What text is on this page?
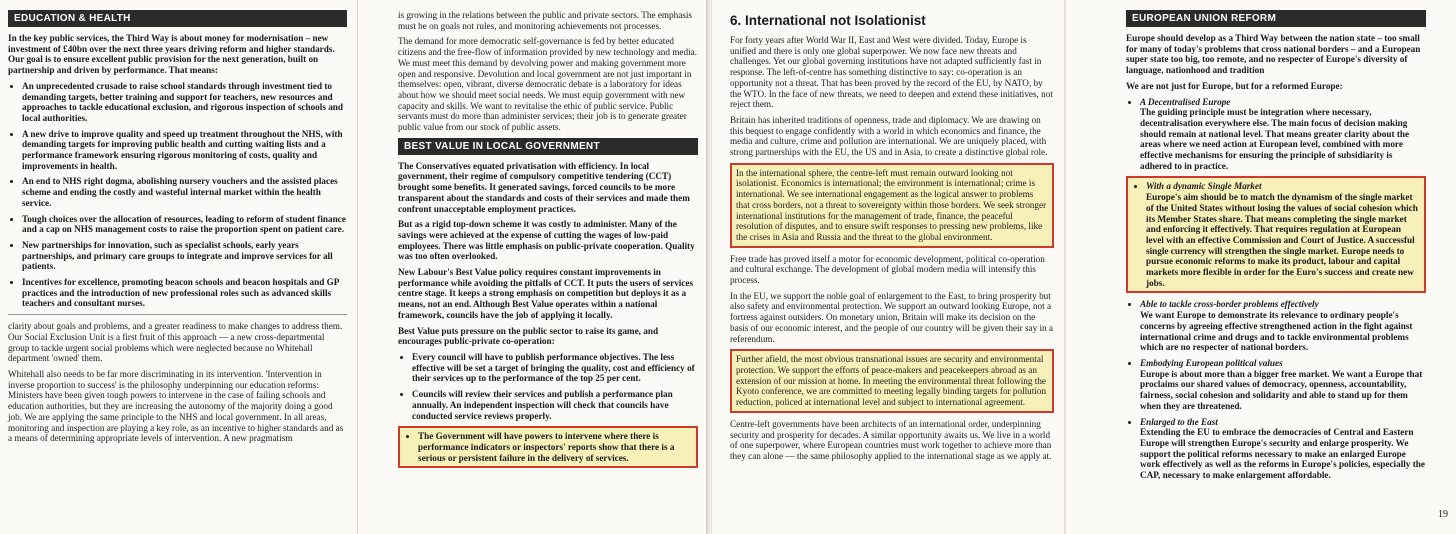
EDUCATION & HEALTH

In the key public services, the Third Way is about money for modernisation – new investment of £40bn over the next three years driving reform and higher standards. Our goal is to ensure excellent public provision for the next generation, built on partnership and driven by performance. That means:

• An unprecedented crusade to raise school standards through investment tied to demanding targets, better training and support for teachers, new resources and approaches to tackle educational exclusion, and rigorous inspection of schools and local authorities.
• A new drive to improve quality and speed up treatment throughout the NHS, with demanding targets for improving public health and cutting waiting lists and a performance framework ensuring rigorous monitoring of costs, quality and improvements in health.
• An end to NHS right dogma, abolishing nursery vouchers and the assisted places scheme and ending the costly and wasteful internal market within the health service.
• Tough choices over the allocation of resources, leading to reform of student finance and a cap on NHS management costs to raise the proportion spent on patient care.
• New partnerships for innovation, such as specialist schools, early years partnerships, and primary care groups to integrate and improve services for all patients.
• Incentives for excellence, promoting beacon schools and beacon hospitals and GP practices and the introduction of new professional roles such as advanced skills teachers and consultant nurses.

clarity about goals and problems, and a greater readiness to make changes to address them. Our Social Exclusion Unit is a first fruit of this approach — a new cross-departmental group to tackle urgent social problems which were neglected because no Whitehall department 'owned' them.

Whitehall also needs to be far more discriminating in its intervention. 'Intervention in inverse proportion to success' is the philosophy underpinning our education reforms: Ministers have been given tough powers to intervene in the case of failing schools and education authorities, but they are increasing the autonomy of the majority doing a good job. We are applying the same principle to the NHS and local government. In all areas, monitoring and inspection are playing a key role, as an incentive to higher standards and as a means of determining appropriate levels of intervention. A new pragmatism

is growing in the relations between the public and private sectors. The emphasis must be on goals not rules, and monitoring achievements not processes.

The demand for more democratic self-governance is fed by better educated citizens and the free-flow of information provided by new technology and media. We must meet this demand by devolving power and making government more open and responsive. Devolution and local government are not just important in themselves: open, vibrant, diverse democratic debate is a laboratory for ideas about how we should meet social needs. We must equip government with new capacity and skills. We want to revitalise the ethic of public service. Public servants must do more than administer services; their job is to generate greater public value from our stock of public assets.

BEST VALUE IN LOCAL GOVERNMENT

The Conservatives equated privatisation with efficiency. In local government, their regime of compulsory competitive tendering (CCT) brought some benefits. It generated savings, forced councils to be more transparent about the standards and costs of their services and made them confront unacceptable employment practices.

But as a rigid top-down scheme it was costly to administer. Many of the savings were achieved at the expense of cutting the wages of low-paid employees. There was little emphasis on public-private cooperation. Quality was too often overlooked.

New Labour's Best Value policy requires constant improvements in performance while avoiding the pitfalls of CCT. It puts the users of services centre stage. It keeps a strong emphasis on competition but deploys it as a means, not an end. Although Best Value operates within a national framework, councils have the job of applying it locally.

Best Value puts pressure on the public sector to raise its game, and encourages public-private co-operation:

• Every council will have to publish performance objectives. The less effective will be set a target of bringing the quality, cost and efficiency of their services up to the performance of the top 25 per cent.
• Councils will review their services and publish a performance plan annually. An independent inspection will check that councils have conducted service reviews properly.
• The Government will have powers to intervene where there is performance indicators or inspectors' reports show that there is a serious or persistent failure in the delivery of services.
6. International not Isolationist

For forty years after World War II, East and West were divided. Today, Europe is unified and there is only one global superpower. We now face new threats and challenges. Yet our global governing institutions have not adapted sufficiently fast in response. The left-of-centre has something distinctive to say: co-operation is an opportunity not a threat. That has been proved by the record of the EU, by NATO, by the WTO. In the face of new threats, we need to deepen and extend these initiatives, not reject them.

Britain has inherited traditions of openness, trade and diplomacy. We are drawing on this bequest to engage confidently with a world in which economics and finance, the media and culture, crime and pollution are international. We are uniquely placed, with strong partnerships with the EU, the US and in Asia, to create a distinctive global role.

In the international sphere, the centre-left must remain outward looking not isolationist. Economics is international; the environment is international; crime is international. We see international engagement as the logical answer to problems that cross borders, not a threat to sovereignty within those borders. We seek stronger international institutions for the management of trade, finance, the peaceful resolution of disputes, and to ensure swift responses to pressing new problems, like the crises in Asia and Russia and the threat to the global environment.

Free trade has proved itself a motor for economic development, political co-operation and cultural exchange. The development of global modern media will intensify this process.

In the EU, we support the noble goal of enlargement to the East, to bring prosperity but also safety and environmental protection. We support an outward looking Europe, not a fortress against outsiders. On monetary union, Britain will make its decision on the basis of our economic interest, and the people of our country will be given their say in a referendum.

Further afield, the most obvious transnational issues are security and environmental protection. We support the efforts of peace-makers and peacekeepers abroad as an extension of our mission at home. In meeting the environmental threat following the Kyoto conference, we are committed to meeting legally binding targets for pollution reduction, policed at international level and subject to international agreement.

Centre-left governments have been architects of an international order, underpinning security and prosperity for decades. A similar opportunity awaits us. We live in a world of one superpower, where European countries must work together to achieve more than they can alone — the same philosophy applied to the international stage as we apply at.

EUROPEAN UNION REFORM

Europe should develop as a Third Way between the nation state – too small for many of today's problems that cross national borders – and a European super state too big, too remote, and no respecter of Europe's diversity of language, nationhood and tradition

We are not just for Europe, but for a reformed Europe:

• A Decentralised Europe
The guiding principle must be integration where necessary, decentralisation everywhere else. The main focus of decision making should remain at national level. That means greater clarity about the areas where we need action at European level, combined with more effective mechanisms for ensuring the principle of subsidiarity is adhered to in practice.
• With a dynamic Single Market
Europe's aim should be to match the dynamism of the single market of the United States without losing the values of social cohesion which its Member States share. That means completing the single market and enforcing it effectively. That requires regulation at European level with an effective Commission and Court of Justice. A successful single currency will strengthen the single market. Europe needs to pursue economic reforms to make its product, labour and capital markets more flexible in order for the Euro's success and create new jobs.
• Able to tackle cross-border problems effectively
We want Europe to demonstrate its relevance to ordinary people's concerns by agreeing effective strengthened action in the fight against international crime and drugs and to tackle environmental problems which are no respecter of national borders.
• Embodying European political values
Europe is about more than a bigger free market. We want a Europe that proclaims our shared values of democracy, openness, accountability, fairness, social cohesion and solidarity and able to stand up for them when they are threatened.
• Enlarged to the East
Extending the EU to embrace the democracies of Central and Eastern Europe will strengthen Europe's security and enlarge prosperity. We support the political reforms necessary to make an enlarged Europe work effectively as well as the reforms in Europe's policies, especially the CAP, necessary to make enlargement affordable.
19
